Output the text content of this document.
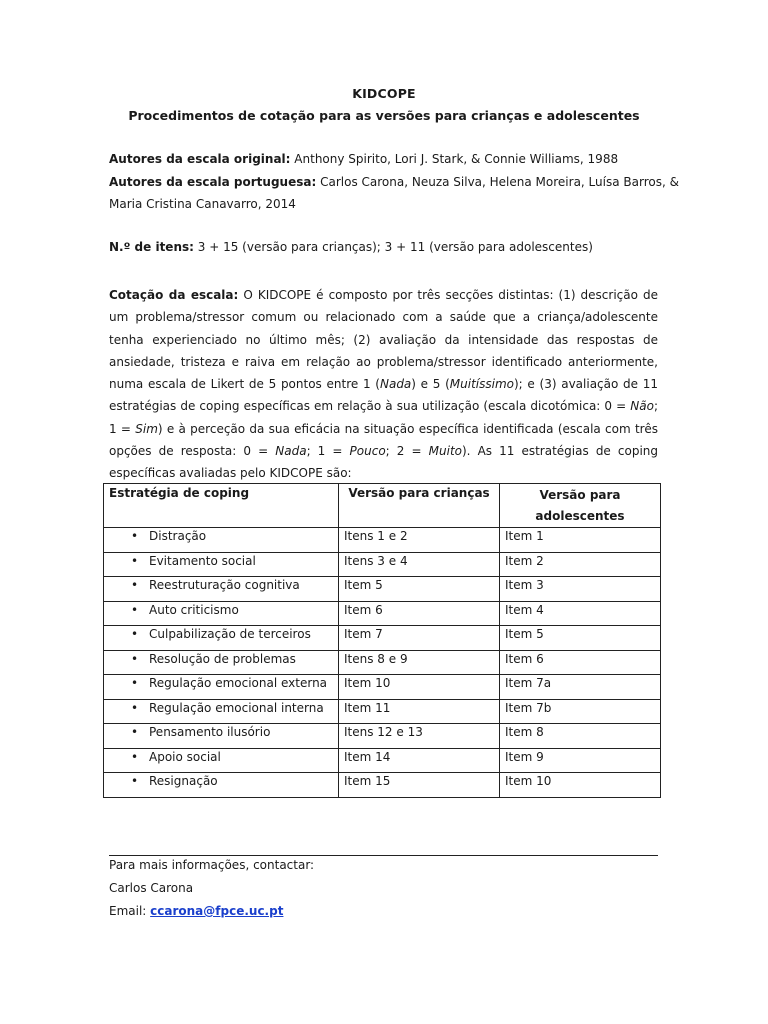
KIDCOPE
Procedimentos de cotação para as versões para crianças e adolescentes
Autores da escala original: Anthony Spirito, Lori J. Stark, & Connie Williams, 1988
Autores da escala portuguesa: Carlos Carona, Neuza Silva, Helena Moreira, Luísa Barros, &
Maria Cristina Canavarro, 2014
N.º de itens: 3 + 15 (versão para crianças); 3 + 11 (versão para adolescentes)
Cotação da escala: O KIDCOPE é composto por três secções distintas: (1) descrição de um problema/stressor comum ou relacionado com a saúde que a criança/adolescente tenha experienciado no último mês; (2) avaliação da intensidade das respostas de ansiedade, tristeza e raiva em relação ao problema/stressor identificado anteriormente, numa escala de Likert de 5 pontos entre 1 (Nada) e 5 (Muitíssimo); e (3) avaliação de 11 estratégias de coping específicas em relação à sua utilização (escala dicotómica: 0 = Não; 1 = Sim) e à perceção da sua eficácia na situação específica identificada (escala com três opções de resposta: 0 = Nada; 1 = Pouco; 2 = Muito). As 11 estratégias de coping específicas avaliadas pelo KIDCOPE são:
Estratégia de coping	Versão para crianças	Versão para adolescentes
• Distração	Itens 1 e 2	Item 1
• Evitamento social	Itens 3 e 4	Item 2
• Reestruturação cognitiva	Item 5	Item 3
• Auto criticismo	Item 6	Item 4
• Culpabilização de terceiros	Item 7	Item 5
• Resolução de problemas	Itens 8 e 9	Item 6
• Regulação emocional externa	Item 10	Item 7a
• Regulação emocional interna	Item 11	Item 7b
• Pensamento ilusório	Itens 12 e 13	Item 8
• Apoio social	Item 14	Item 9
• Resignação	Item 15	Item 10
Para mais informações, contactar:
Carlos Carona
Email: ccarona@fpce.uc.pt
